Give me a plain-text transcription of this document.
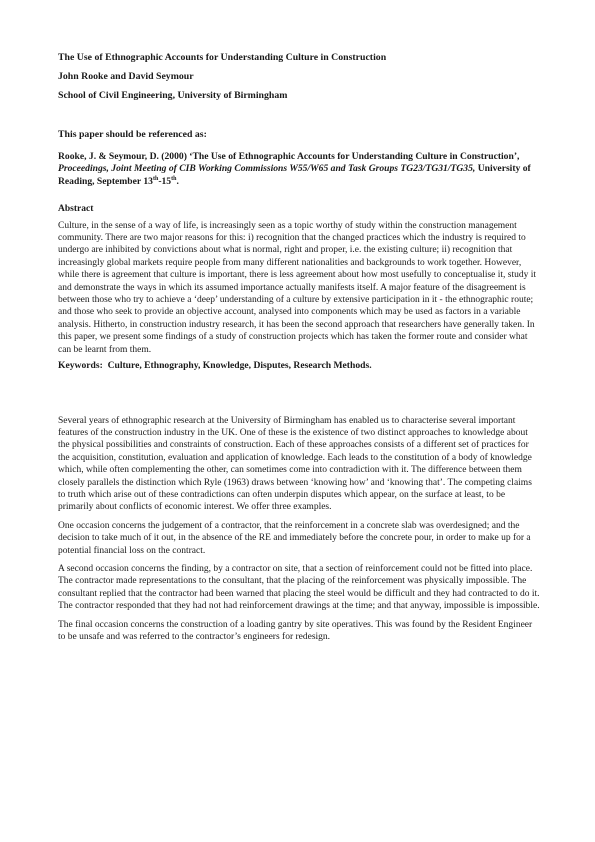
The Use of Ethnographic Accounts for Understanding Culture in Construction
John Rooke and David Seymour
School of Civil Engineering, University of Birmingham
This paper should be referenced as:
Rooke, J. & Seymour, D. (2000) ‘The Use of Ethnographic Accounts for Understanding Culture in Construction’, Proceedings, Joint Meeting of CIB Working Commissions W55/W65 and Task Groups TG23/TG31/TG35, University of Reading, September 13th-15th.
Abstract

Culture, in the sense of a way of life, is increasingly seen as a topic worthy of study within the construction management community. There are two major reasons for this: i) recognition that the changed practices which the industry is required to undergo are inhibited by convictions about what is normal, right and proper, i.e. the existing culture; ii) recognition that increasingly global markets require people from many different nationalities and backgrounds to work together. However, while there is agreement that culture is important, there is less agreement about how most usefully to conceptualise it, study it and demonstrate the ways in which its assumed importance actually manifests itself. A major feature of the disagreement is between those who try to achieve a ‘deep’ understanding of a culture by extensive participation in it - the ethnographic route; and those who seek to provide an objective account, analysed into components which may be used as factors in a variable analysis. Hitherto, in construction industry research, it has been the second approach that researchers have generally taken. In this paper, we present some findings of a study of construction projects which has taken the former route and consider what can be learnt from them.

Keywords: Culture, Ethnography, Knowledge, Disputes, Research Methods.

Several years of ethnographic research at the University of Birmingham has enabled us to characterise several important features of the construction industry in the UK. One of these is the existence of two distinct approaches to knowledge about the physical possibilities and constraints of construction. Each of these approaches consists of a different set of practices for the acquisition, constitution, evaluation and application of knowledge. Each leads to the constitution of a body of knowledge which, while often complementing the other, can sometimes come into contradiction with it. The difference between them closely parallels the distinction which Ryle (1963) draws between ‘knowing how’ and ‘knowing that’. The competing claims to truth which arise out of these contradictions can often underpin disputes which appear, on the surface at least, to be primarily about conflicts of economic interest. We offer three examples.

One occasion concerns the judgement of a contractor, that the reinforcement in a concrete slab was overdesigned; and the decision to take much of it out, in the absence of the RE and immediately before the concrete pour, in order to make up for a potential financial loss on the contract.

A second occasion concerns the finding, by a contractor on site, that a section of reinforcement could not be fitted into place. The contractor made representations to the consultant, that the placing of the reinforcement was physically impossible. The consultant replied that the contractor had been warned that placing the steel would be difficult and they had contracted to do it. The contractor responded that they had not had reinforcement drawings at the time; and that anyway, impossible is impossible.

The final occasion concerns the construction of a loading gantry by site operatives. This was found by the Resident Engineer to be unsafe and was referred to the contractor’s engineers for redesign.
